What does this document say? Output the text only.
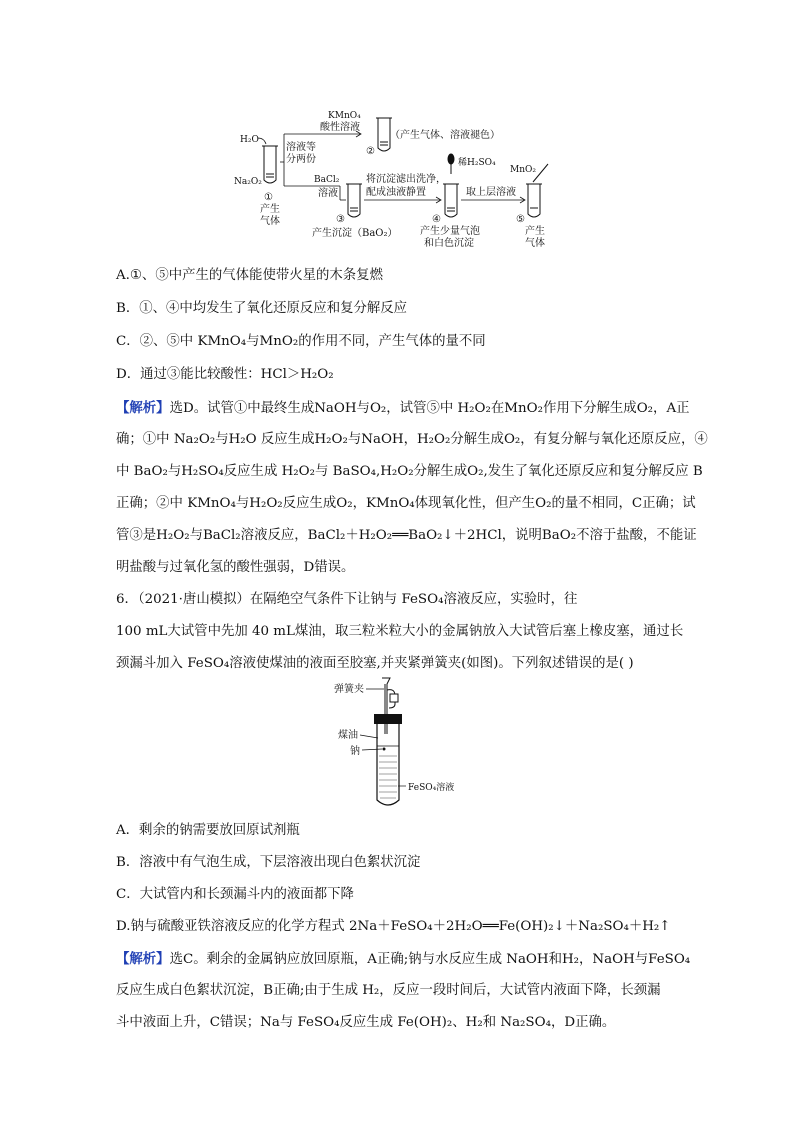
H₂O
Na₂O₂
①
产生
气体
溶液等
分两份
KMnO₄
酸性溶液
②
（产生气体、溶液褪色）
BaCl₂
溶液
③
产生沉淀（BaO₂）
将沉淀滤出洗净，
配成浊液静置
稀H₂SO₄
④
产生少量气泡
和白色沉淀
取上层溶液
MnO₂
⑤
产生
气体
A.①、⑤中产生的气体能使带火星的木条复燃
B．①、④中均发生了氧化还原反应和复分解反应
C．②、⑤中 KMnO₄与MnO₂的作用不同，产生气体的量不同
D．通过③能比较酸性：HCl＞H₂O₂
【解析】选D。试管①中最终生成NaOH与O₂，试管⑤中 H₂O₂在MnO₂作用下分解生成O₂，A正
确；①中 Na₂O₂与H₂O 反应生成H₂O₂与NaOH，H₂O₂分解生成O₂，有复分解与氧化还原反应，④
中 BaO₂与H₂SO₄反应生成 H₂O₂与 BaSO₄,H₂O₂分解生成O₂,发生了氧化还原反应和复分解反应 B
正确；②中 KMnO₄与H₂O₂反应生成O₂，KMnO₄体现氧化性，但产生O₂的量不相同，C正确；试
管③是H₂O₂与BaCl₂溶液反应，BaCl₂＋H₂O₂══BaO₂↓＋2HCl，说明BaO₂不溶于盐酸，不能证
明盐酸与过氧化氢的酸性强弱，D错误。
6．（2021·唐山模拟）在隔绝空气条件下让钠与 FeSO₄溶液反应，实验时，往
100 mL大试管中先加 40 mL煤油，取三粒米粒大小的金属钠放入大试管后塞上橡皮塞，通过长
颈漏斗加入 FeSO₄溶液使煤油的液面至胶塞,并夹紧弹簧夹(如图)。下列叙述错误的是( )
弹簧夹
煤油
钠
FeSO₄溶液
A．剩余的钠需要放回原试剂瓶
B．溶液中有气泡生成，下层溶液出现白色絮状沉淀
C．大试管内和长颈漏斗内的液面都下降
D.钠与硫酸亚铁溶液反应的化学方程式 2Na＋FeSO₄＋2H₂O══Fe(OH)₂↓＋Na₂SO₄＋H₂↑
【解析】选C。剩余的金属钠应放回原瓶，A正确;钠与水反应生成 NaOH和H₂，NaOH与FeSO₄
反应生成白色絮状沉淀，B正确;由于生成 H₂，反应一段时间后，大试管内液面下降，长颈漏
斗中液面上升，C错误；Na与 FeSO₄反应生成 Fe(OH)₂、H₂和 Na₂SO₄，D正确。
